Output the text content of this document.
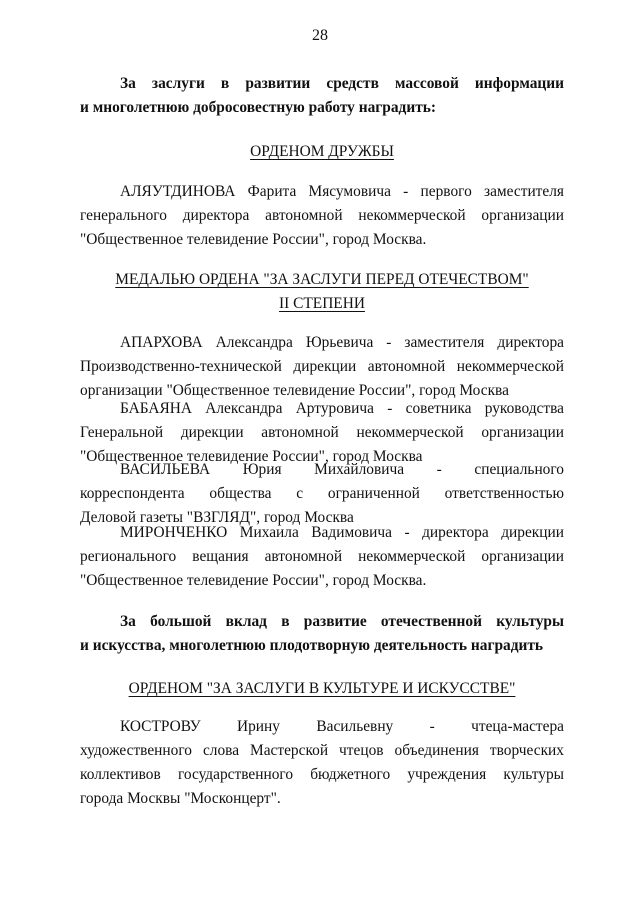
28

За заслуги в развитии средств массовой информации

и многолетнюю добросовестную работу наградить:

ОРДЕНОМ ДРУЖБЫ

АЛЯУТДИНОВА Фарита Мясумовича - первого заместителя

генерального директора автономной некоммерческой организации

"Общественное телевидение России", город Москва.

МЕДАЛЬЮ ОРДЕНА "ЗА ЗАСЛУГИ ПЕРЕД ОТЕЧЕСТВОМ"

II СТЕПЕНИ

АПАРХОВА Александра Юрьевича - заместителя директора

Производственно-технической дирекции автономной некоммерческой

организации "Общественное телевидение России", город Москва

БАБАЯНА Александра Артуровича - советника руководства

Генеральной дирекции автономной некоммерческой организации

"Общественное телевидение России", город Москва

ВАСИЛЬЕВА Юрия Михайловича - специального

корреспондента общества с ограниченной ответственностью

Деловой газеты "ВЗГЛЯД", город Москва

МИРОНЧЕНКО Михаила Вадимовича - директора дирекции

регионального вещания автономной некоммерческой организации

"Общественное телевидение России", город Москва.

За большой вклад в развитие отечественной культуры

и искусства, многолетнюю плодотворную деятельность наградить

ОРДЕНОМ "ЗА ЗАСЛУГИ В КУЛЬТУРЕ И ИСКУССТВЕ"

КОСТРОВУ Ирину Васильевну - чтеца-мастера

художественного слова Мастерской чтецов объединения творческих

коллективов государственного бюджетного учреждения культуры

города Москвы "Москонцерт".
